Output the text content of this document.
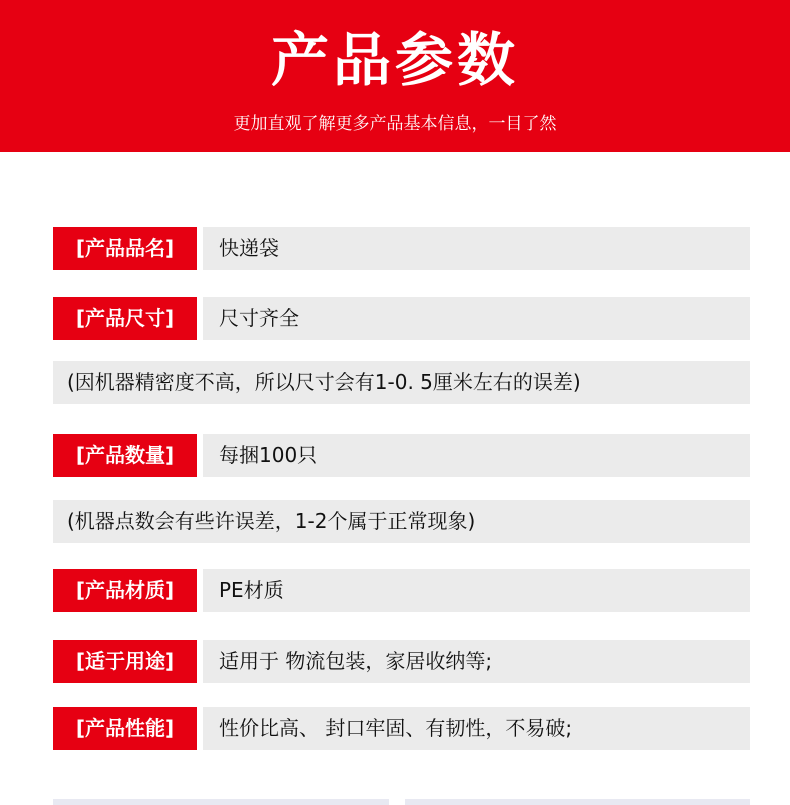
产品参数
更加直观了解更多产品基本信息，一目了然
[产品品名]	快递袋
[产品尺寸]	尺寸齐全
(因机器精密度不高，所以尺寸会有1-0. 5厘米左右的误差)
[产品数量]	每捆100只
(机器点数会有些许误差，1-2个属于正常现象)
[产品材质]	PE材质
[适于用途]	适用于 物流包装，家居收纳等;
[产品性能]	性价比高、 封口牢固、有韧性，不易破;
